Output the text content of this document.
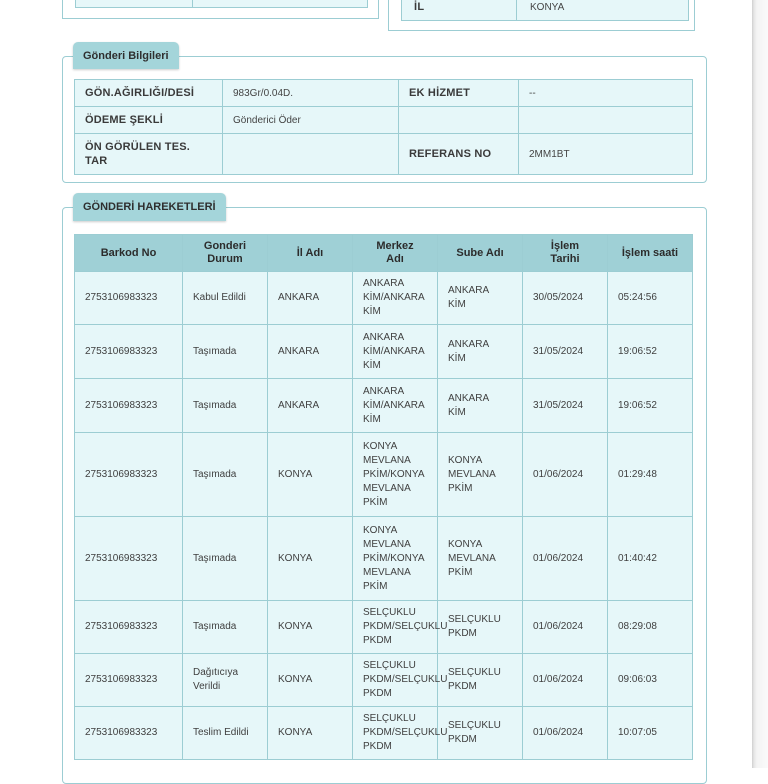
İL	KONYA
Gönderi Bilgileri
GÖN.AĞIRLIĞI/DESİ	983Gr/0.04D.	EK HİZMET	--
ÖDEME ŞEKLİ	Gönderici Öder		
ÖN GÖRÜLEN TES. TAR		REFERANS NO	2MM1BT
GÖNDERİ HAREKETLERİ
Barkod No	Gonderi Durum	İl Adı	Merkez Adı	Sube Adı	İşlem Tarihi	İşlem saati
2753106983323	Kabul Edildi	ANKARA	ANKARA KİM/ANKARA KİM	ANKARA KİM	30/05/2024	05:24:56
2753106983323	Taşımada	ANKARA	ANKARA KİM/ANKARA KİM	ANKARA KİM	31/05/2024	19:06:52
2753106983323	Taşımada	ANKARA	ANKARA KİM/ANKARA KİM	ANKARA KİM	31/05/2024	19:06:52
2753106983323	Taşımada	KONYA	KONYA MEVLANA PKİM/KONYA MEVLANA PKİM	KONYA MEVLANA PKİM	01/06/2024	01:29:48
2753106983323	Taşımada	KONYA	KONYA MEVLANA PKİM/KONYA MEVLANA PKİM	KONYA MEVLANA PKİM	01/06/2024	01:40:42
2753106983323	Taşımada	KONYA	SELÇUKLU PKDM/SELÇUKLU PKDM	SELÇUKLU PKDM	01/06/2024	08:29:08
2753106983323	Dağıtıcıya Verildi	KONYA	SELÇUKLU PKDM/SELÇUKLU PKDM	SELÇUKLU PKDM	01/06/2024	09:06:03
2753106983323	Teslim Edildi	KONYA	SELÇUKLU PKDM/SELÇUKLU PKDM	SELÇUKLU PKDM	01/06/2024	10:07:05
